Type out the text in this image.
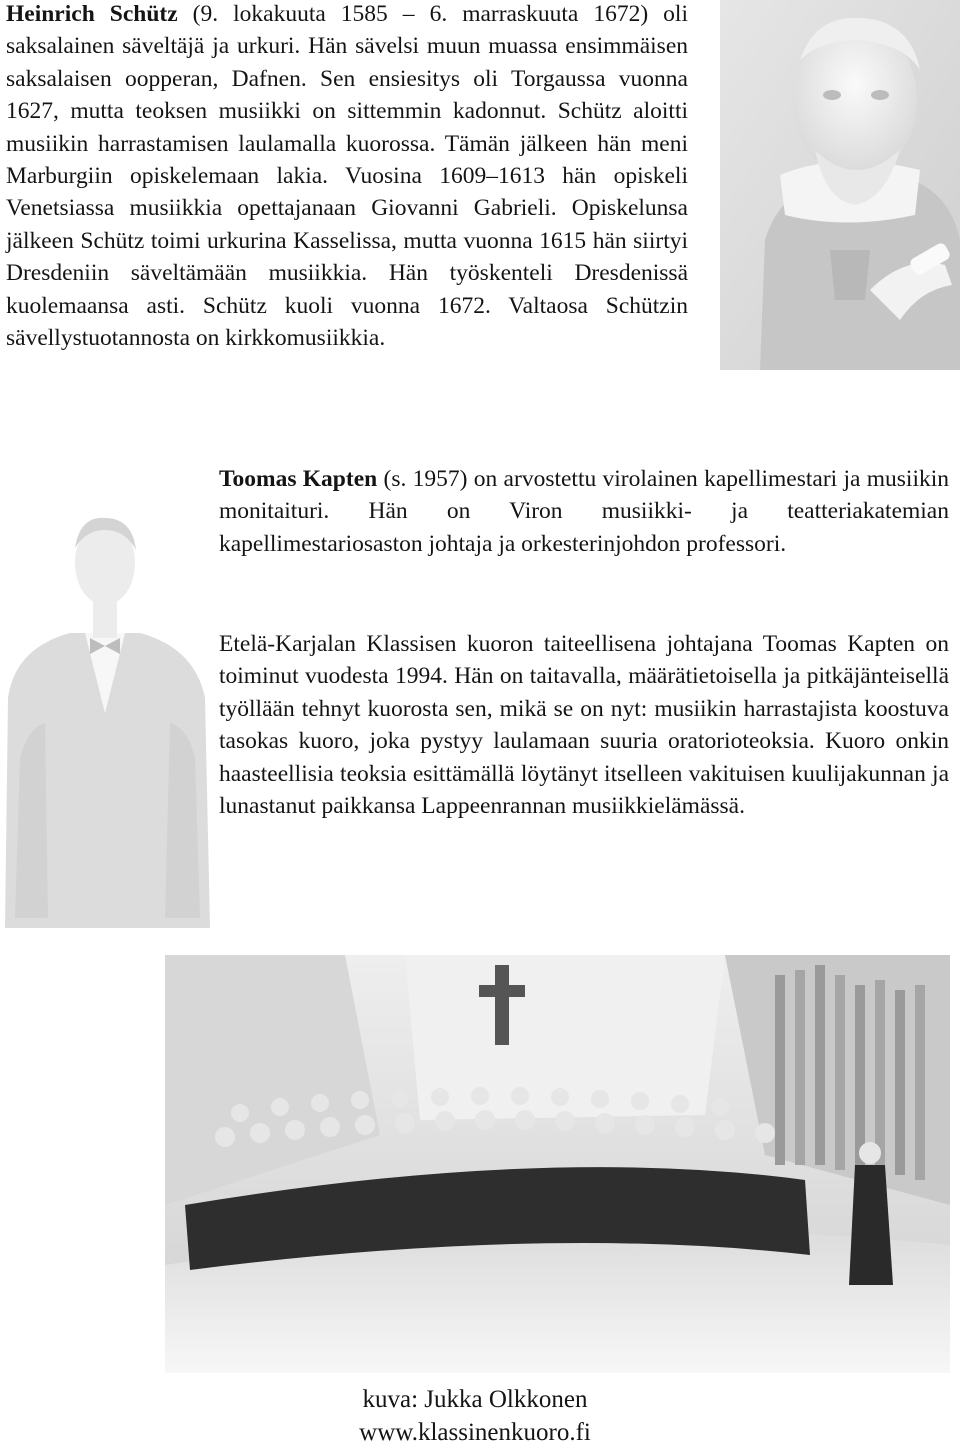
Heinrich Schütz (9. lokakuuta 1585 – 6. marraskuuta 1672) oli saksalainen säveltäjä ja urkuri. Hän sävelsi muun muassa ensimmäisen saksalaisen oopperan, Dafnen. Sen ensiesitys oli Torgaussa vuonna 1627, mutta teoksen musiikki on sittemmin kadonnut. Schütz aloitti musiikin harrastamisen laulamalla kuorossa. Tämän jälkeen hän meni Marburgiin opiskelemaan lakia. Vuosina 1609–1613 hän opiskeli Venetsiassa musiikkia opettajanaan Giovanni Gabrieli. Opiskelunsa jälkeen Schütz toimi urkurina Kasselissa, mutta vuonna 1615 hän siirtyi Dresdeniin säveltämään musiikkia. Hän työskenteli Dresdenissä kuolemaansa asti. Schütz kuoli vuonna 1672. Valtaosa Schützin sävellystuotannosta on kirkkomusiikkia.

Toomas Kapten (s. 1957) on arvostettu virolainen kapellimestari ja musiikin monitaituri. Hän on Viron musiikki- ja teatteriakatemian kapellimestariosaston johtaja ja orkesterinjohdon professori.

Etelä-Karjalan Klassisen kuoron taiteellisena johtajana Toomas Kapten on toiminut vuodesta 1994. Hän on taitavalla, määrätietoisella ja pitkäjänteisellä työllään tehnyt kuorosta sen, mikä se on nyt: musiikin harrastajista koostuva tasokas kuoro, joka pystyy laulamaan suuria oratorioteoksia. Kuoro onkin haasteellisia teoksia esittämällä löytänyt itselleen vakituisen kuulijakunnan ja lunastanut paikkansa Lappeenrannan musiikkielämässä.

kuva: Jukka Olkkonen

www.klassinenkuoro.fi
